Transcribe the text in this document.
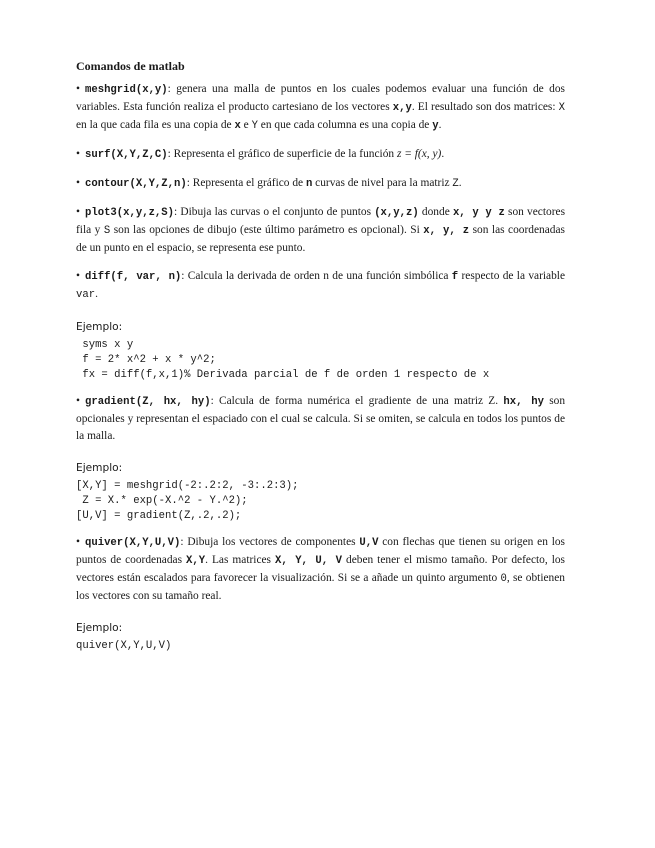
Comandos de matlab
• meshgrid(x,y): genera una malla de puntos en los cuales podemos evaluar una función de dos variables. Esta función realiza el producto cartesiano de los vectores x,y. El resultado son dos matrices: X en la que cada fila es una copia de x e Y en que cada columna es una copia de y.
• surf(X,Y,Z,C): Representa el gráfico de superficie de la función z = f(x, y).
• contour(X,Y,Z,n): Representa el gráfico de n curvas de nivel para la matriz Z.
• plot3(x,y,z,S): Dibuja las curvas o el conjunto de puntos (x,y,z) donde x, y y z son vectores fila y S son las opciones de dibujo (este último parámetro es opcional). Si x, y, z son las coordenadas de un punto en el espacio, se representa ese punto.
• diff(f, var, n): Calcula la derivada de orden n de una función simbólica f respecto de la variable var.
Ejemplo:
syms x y
f = 2* x^2 + x * y^2;
fx = diff(f,x,1)% Derivada parcial de f de orden 1 respecto de x
• gradient(Z, hx, hy): Calcula de forma numérica el gradiente de una matriz Z. hx, hy son opcionales y representan el espaciado con el cual se calcula. Si se omiten, se calcula en todos los puntos de la malla.
Ejemplo:
[X,Y] = meshgrid(-2:.2:2, -3:.2:3);
Z = X.* exp(-X.^2 - Y.^2);
[U,V] = gradient(Z,.2,.2);
• quiver(X,Y,U,V): Dibuja los vectores de componentes U,V con flechas que tienen su origen en los puntos de coordenadas X,Y. Las matrices X, Y, U, V deben tener el mismo tamaño. Por defecto, los vectores están escalados para favorecer la visualización. Si se a añade un quinto argumento 0, se obtienen los vectores con su tamaño real.
Ejemplo:
quiver(X,Y,U,V)
